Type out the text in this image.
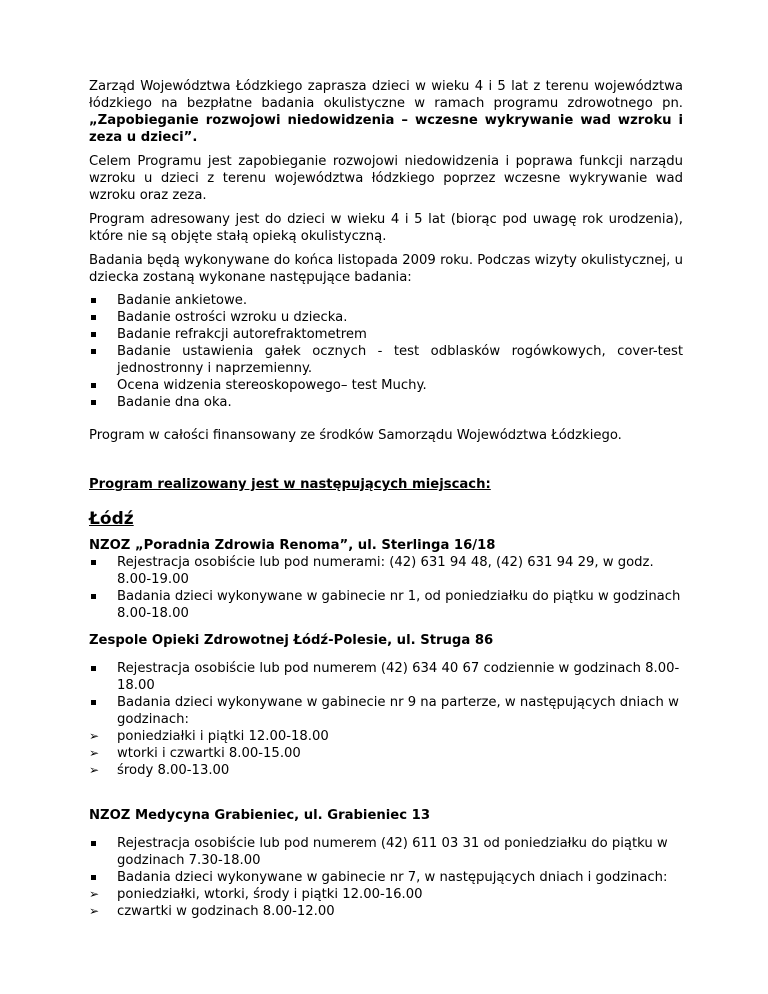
Zarząd Województwa Łódzkiego zaprasza dzieci w wieku 4 i 5 lat z terenu województwa łódzkiego na bezpłatne badania okulistyczne w ramach programu zdrowotnego pn. „Zapobieganie rozwojowi niedowidzenia – wczesne wykrywanie wad wzroku i zeza u dzieci”.

Celem Programu jest zapobieganie rozwojowi niedowidzenia i poprawa funkcji narządu wzroku u dzieci z terenu województwa łódzkiego poprzez wczesne wykrywanie wad wzroku oraz zeza.

Program adresowany jest do dzieci w wieku 4 i 5 lat (biorąc pod uwagę rok urodzenia), które nie są objęte stałą opieką okulistyczną.

Badania będą wykonywane do końca listopada 2009 roku. Podczas wizyty okulistycznej, u dziecka zostaną wykonane następujące badania:

Badanie ankietowe.
Badanie ostrości wzroku u dziecka.
Badanie refrakcji autorefraktometrem
Badanie ustawienia gałek ocznych - test odblasków rogówkowych, cover-test jednostronny i naprzemienny.
Ocena widzenia stereoskopowego– test Muchy.
Badanie dna oka.

Program w całości finansowany ze środków Samorządu Województwa Łódzkiego.

Program realizowany jest w następujących miejscach:

Łódź

NZOZ „Poradnia Zdrowia Renoma”, ul. Sterlinga 16/18

Rejestracja osobiście lub pod numerami: (42) 631 94 48, (42) 631 94 29, w godz. 8.00-19.00
Badania dzieci wykonywane w gabinecie nr 1, od poniedziałku do piątku w godzinach 8.00-18.00

Zespole Opieki Zdrowotnej Łódź-Polesie, ul. Struga 86

Rejestracja osobiście lub pod numerem (42) 634 40 67 codziennie w godzinach 8.00-18.00
Badania dzieci wykonywane w gabinecie nr 9 na parterze, w następujących dniach w godzinach:
➢ poniedziałki i piątki 12.00-18.00
➢ wtorki i czwartki 8.00-15.00
➢ środy 8.00-13.00

NZOZ Medycyna Grabieniec, ul. Grabieniec 13

Rejestracja osobiście lub pod numerem (42) 611 03 31 od poniedziałku do piątku w godzinach 7.30-18.00
Badania dzieci wykonywane w gabinecie nr 7, w następujących dniach i godzinach:
➢ poniedziałki, wtorki, środy i piątki 12.00-16.00
➢ czwartki w godzinach 8.00-12.00
